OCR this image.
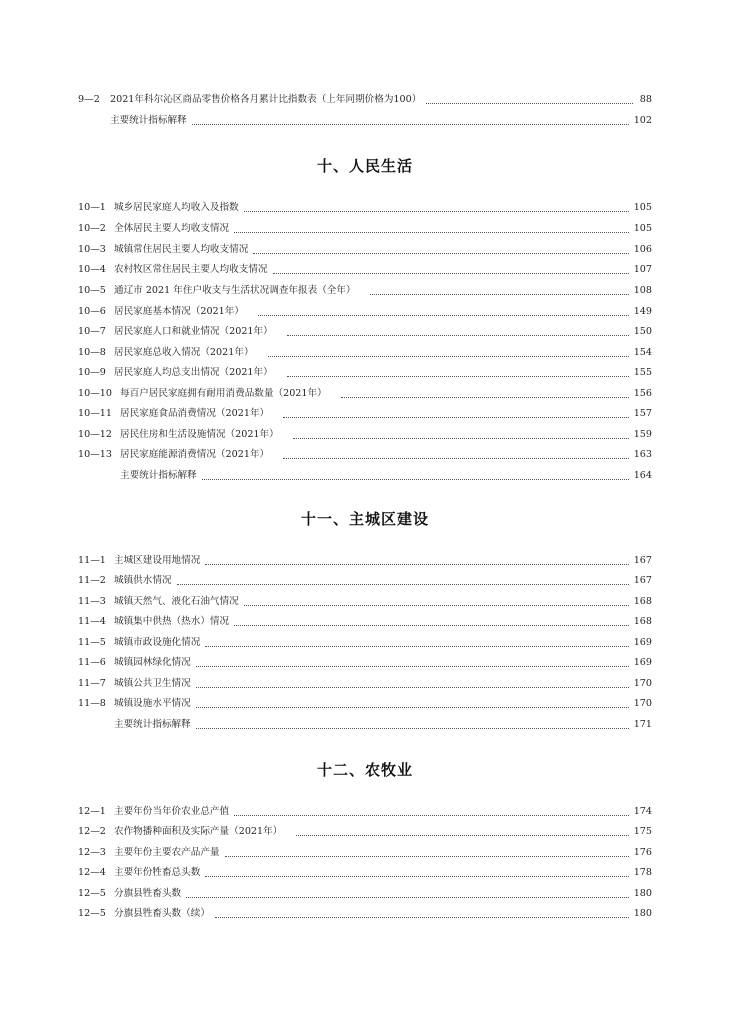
9—2	2021年科尔沁区商品零售价格各月累计比指数表（上年同期价格为100）	88
主要统计指标解释	102
十、人民生活
10—1 城乡居民家庭人均收入及指数	105
10—2 全体居民主要人均收支情况	105
10—3 城镇常住居民主要人均收支情况	106
10—4 农村牧区常住居民主要人均收支情况	107
10—5 通辽市 2021 年住户收支与生活状况调查年报表（全年）	108
10—6 居民家庭基本情况（2021年）	149
10—7 居民家庭人口和就业情况（2021年）	150
10—8 居民家庭总收入情况（2021年）	154
10—9 居民家庭人均总支出情况（2021年）	155
10—10 每百户居民家庭拥有耐用消费品数量（2021年）	156
10—11 居民家庭食品消费情况（2021年）	157
10—12 居民住房和生活设施情况（2021年）	159
10—13 居民家庭能源消费情况（2021年）	163
主要统计指标解释	164
十一、主城区建设
11—1 主城区建设用地情况	167
11—2 城镇供水情况	167
11—3 城镇天然气、液化石油气情况	168
11—4 城镇集中供热（热水）情况	168
11—5 城镇市政设施化情况	169
11—6 城镇园林绿化情况	169
11—7 城镇公共卫生情况	170
11—8 城镇设施水平情况	170
主要统计指标解释	171
十二、农牧业
12—1 主要年份当年价农业总产值	174
12—2 农作物播种面积及实际产量（2021年）	175
12—3 主要年份主要农产品产量	176
12—4 主要年份牲畜总头数	178
12—5 分旗县牲畜头数	180
12—5 分旗县牲畜头数（续）	180
